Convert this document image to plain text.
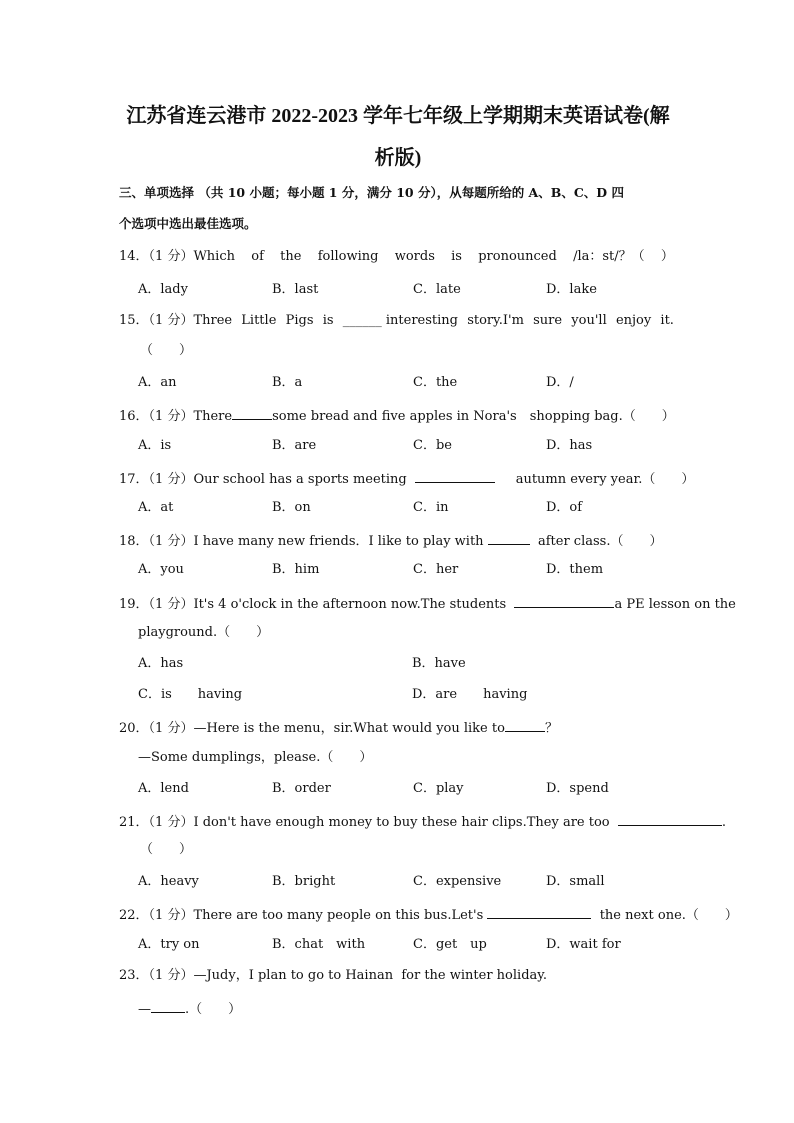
江苏省连云港市 2022-2023 学年七年级上学期期末英语试卷(解
析版)
三、单项选择 （共 10 小题；每小题 1 分，满分 10 分），从每题所给的 A、B、C、D 四
个选项中选出最佳选项。
14．（1 分）Which of the following words is pronounced /la：st/？（ ）
A．lady	B．last	C．late	D．lake
15．（1 分）Three Little Pigs is ______ interesting story.I'm sure you'll enjoy it.
（　　）
A．an	B．a	C．the	D．/
16．（1 分）There	some bread and five apples in Nora's　shopping bag.（　　）
A．is	B．are	C．be	D．has
17．（1 分）Our school has a sports meeting	autumn every year.（　　）
A．at	B．on	C．in	D．of
18．（1 分）I have many new friends．I like to play with	after class.（　　）
A．you	B．him	C．her	D．them
19．（1 分）It's 4 o'clock in the afternoon now.The students	a PE lesson on the
playground.（　　）
A．has	B．have
C．is　　having	D．are　　having
20．（1 分）—Here is the menu，sir.What would you like to	？
—Some dumplings，please.（　　）
A．lend	B．order	C．play	D．spend
21．（1 分）I don't have enough money to buy these hair clips.They are too	.
（　　）
A．heavy	B．bright	C．expensive	D．small
22．（1 分）There are too many people on this bus.Let's	the next one.（　　）
A．try on	B．chat　with	C．get　up	D．wait for
23．（1 分）—Judy，I plan to go to Hainan  for the winter holiday.
—	.（　　）
